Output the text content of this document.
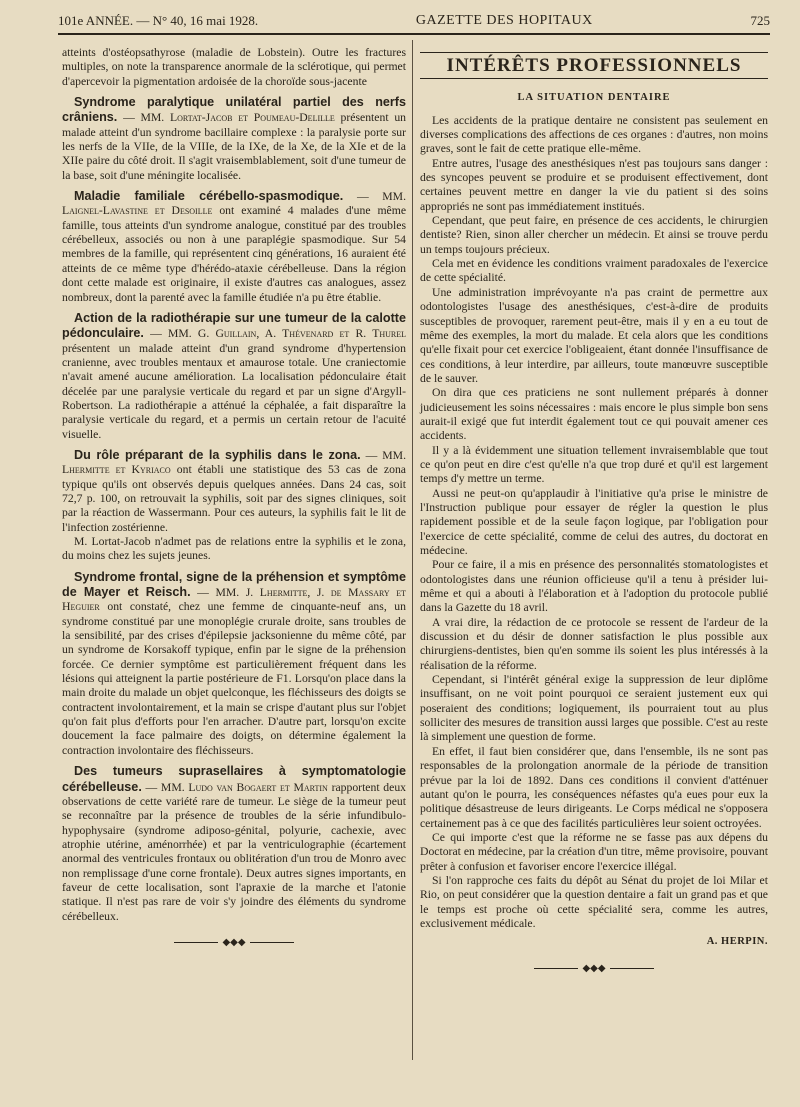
101e ANNÉE. — N° 40, 16 mai 1928.	GAZETTE DES HOPITAUX	725

atteints d'ostéopsathyrose (maladie de Lobstein). Outre les fractures multiples, on note la transparence anormale de la sclérotique, qui permet d'apercevoir la pigmentation ardoisée de la choroïde sous-jacente

Syndrome paralytique unilatéral partiel des nerfs crâniens. — MM. Lortat-Jacob et Poumeau-Delille présentent un malade atteint d'un syndrome bacillaire complexe : la paralysie porte sur les nerfs de la VIIe, de la VIIIe, de la IXe, de la Xe, de la XIe et de la XIIe paire du côté droit. Il s'agit vraisemblablement, soit d'une tumeur de la base, soit d'une méningite localisée.

Maladie familiale cérébello-spasmodique. — MM. Laignel-Lavastine et Desoille ont examiné 4 malades d'une même famille, tous atteints d'un syndrome analogue, constitué par des troubles cérébelleux, associés ou non à une paraplégie spasmodique. Sur 54 membres de la famille, qui représentent cinq générations, 16 auraient été atteints de ce même type d'hérédo-ataxie cérébelleuse. Dans la région dont cette malade est originaire, il existe d'autres cas analogues, assez nombreux, dont la parenté avec la famille étudiée n'a pu être établie.

Action de la radiothérapie sur une tumeur de la calotte pédonculaire. — MM. G. Guillain, A. Thévenard et R. Thurel présentent un malade atteint d'un grand syndrome d'hypertension cranienne, avec troubles mentaux et amaurose totale. Une craniectomie n'avait amené aucune amélioration. La localisation pédonculaire était décelée par une paralysie verticale du regard et par un signe d'Argyll-Robertson. La radiothérapie a atténué la céphalée, a fait disparaître la paralysie verticale du regard, et a permis un certain retour de l'acuité visuelle.

Du rôle préparant de la syphilis dans le zona. — MM. Lhermitte et Kyriaco ont établi une statistique des 53 cas de zona typique qu'ils ont observés depuis quelques années. Dans 24 cas, soit 72,7 p. 100, on retrouvait la syphilis, soit par des signes cliniques, soit par la réaction de Wassermann. Pour ces auteurs, la syphilis fait le lit de l'infection zostérienne.

M. Lortat-Jacob n'admet pas de relations entre la syphilis et le zona, du moins chez les sujets jeunes.

Syndrome frontal, signe de la préhension et symptôme de Mayer et Reisch. — MM. J. Lhermitte, J. de Massary et Heguier ont constaté, chez une femme de cinquante-neuf ans, un syndrome constitué par une monoplégie crurale droite, sans troubles de la sensibilité, par des crises d'épilepsie jacksonienne du même côté, par un syndrome de Korsakoff typique, enfin par le signe de la préhension forcée. Ce dernier symptôme est particulièrement fréquent dans les lésions qui atteignent la partie postérieure de F1. Lorsqu'on place dans la main droite du malade un objet quelconque, les fléchisseurs des doigts se contractent involontairement, et la main se crispe d'autant plus sur l'objet qu'on fait plus d'efforts pour l'en arracher. D'autre part, lorsqu'on excite doucement la face palmaire des doigts, on détermine également la contraction involontaire des fléchisseurs.

Des tumeurs suprasellaires à symptomatologie cérébelleuse. — MM. Ludo van Bogaert et Martin rapportent deux observations de cette variété rare de tumeur. Le siège de la tumeur peut se reconnaître par la présence de troubles de la série infundibulo-hypophysaire (syndrome adiposo-génital, polyurie, cachexie, avec atrophie utérine, aménorrhée) et par la ventriculographie (écartement anormal des ventricules frontaux ou oblitération d'un trou de Monro avec non remplissage d'une corne frontale). Deux autres signes importants, en faveur de cette localisation, sont l'apraxie de la marche et l'atonie statique. Il n'est pas rare de voir s'y joindre des éléments du syndrome cérébelleux.

◆◆◆
INTÉRÊTS PROFESSIONNELS
LA SITUATION DENTAIRE

Les accidents de la pratique dentaire ne consistent pas seulement en diverses complications des affections de ces organes : d'autres, non moins graves, sont le fait de cette pratique elle-même.

Entre autres, l'usage des anesthésiques n'est pas toujours sans danger : des syncopes peuvent se produire et se produisent effectivement, dont certaines peuvent mettre en danger la vie du patient si des soins appropriés ne sont pas immédiatement institués.

Cependant, que peut faire, en présence de ces accidents, le chirurgien dentiste? Rien, sinon aller chercher un médecin. Et ainsi se trouve perdu un temps toujours précieux.

Cela met en évidence les conditions vraiment paradoxales de l'exercice de cette spécialité.

Une administration imprévoyante n'a pas craint de permettre aux odontologistes l'usage des anesthésiques, c'est-à-dire de produits susceptibles de provoquer, rarement peut-être, mais il y en a eu tout de même des exemples, la mort du malade. Et cela alors que les conditions qu'elle fixait pour cet exercice l'obligeaient, étant donnée l'insuffisance de ces conditions, à leur interdire, par ailleurs, toute manœuvre susceptible de le sauver.

On dira que ces praticiens ne sont nullement préparés à donner judicieusement les soins nécessaires : mais encore le plus simple bon sens aurait-il exigé que fut interdit également tout ce qui pouvait amener ces accidents.

Il y a là évidemment une situation tellement invraisemblable que tout ce qu'on peut en dire c'est qu'elle n'a que trop duré et qu'il est largement temps d'y mettre un terme.

Aussi ne peut-on qu'applaudir à l'initiative qu'a prise le ministre de l'Instruction publique pour essayer de régler la question le plus rapidement possible et de la seule façon logique, par l'obligation pour l'exercice de cette spécialité, comme de celui des autres, du doctorat en médecine.

Pour ce faire, il a mis en présence des personnalités stomatologistes et odontologistes dans une réunion officieuse qu'il a tenu à présider lui-même et qui a abouti à l'élaboration et à l'adoption du protocole publié dans la Gazette du 18 avril.

A vrai dire, la rédaction de ce protocole se ressent de l'ardeur de la discussion et du désir de donner satisfaction le plus possible aux chirurgiens-dentistes, bien qu'en somme ils soient les plus intéressés à la réalisation de la réforme.

Cependant, si l'intérêt général exige la suppression de leur diplôme insuffisant, on ne voit point pourquoi ce seraient justement eux qui poseraient des conditions; logiquement, ils pourraient tout au plus solliciter des mesures de transition aussi larges que possible. C'est au reste là simplement une question de forme.

En effet, il faut bien considérer que, dans l'ensemble, ils ne sont pas responsables de la prolongation anormale de la période de transition prévue par la loi de 1892. Dans ces conditions il convient d'atténuer autant qu'on le pourra, les conséquences néfastes qu'a eues pour eux la politique désastreuse de leurs dirigeants. Le Corps médical ne s'opposera certainement pas à ce que des facilités particulières leur soient octroyées.

Ce qui importe c'est que la réforme ne se fasse pas aux dépens du Doctorat en médecine, par la création d'un titre, même provisoire, pouvant prêter à confusion et favoriser encore l'exercice illégal.

Si l'on rapproche ces faits du dépôt au Sénat du projet de loi Milar et Rio, on peut considérer que la question dentaire a fait un grand pas et que le temps est proche où cette spécialité sera, comme les autres, exclusivement médicale.

A. HERPIN.
◆◆◆
